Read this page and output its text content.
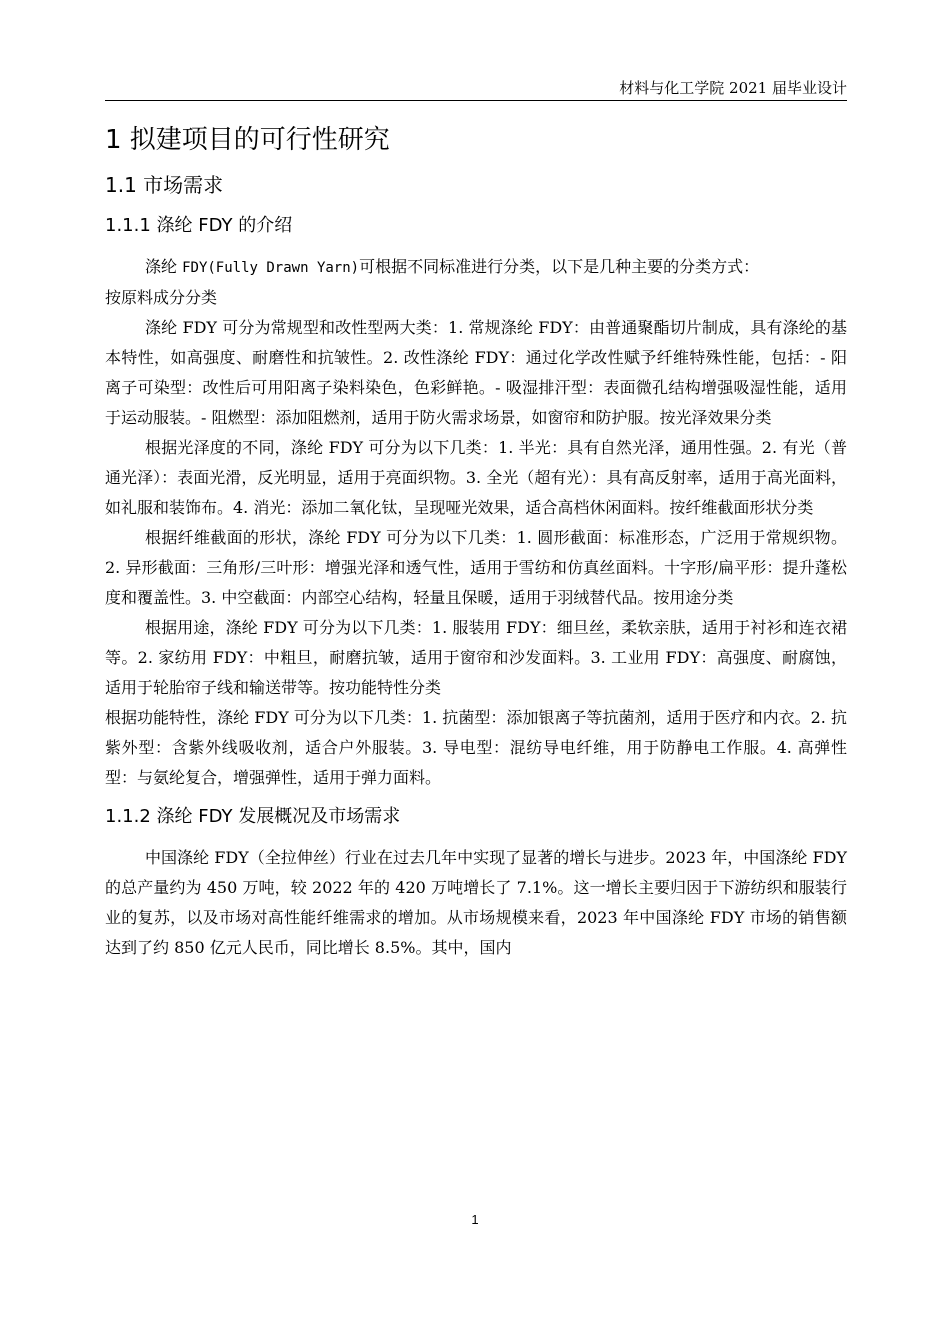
材料与化工学院 2021 届毕业设计
1 拟建项目的可行性研究
1.1 市场需求
1.1.1 涤纶 FDY 的介绍

涤纶 FDY(Fully Drawn Yarn)可根据不同标准进行分类，以下是几种主要的分类方式：

按原料成分分类

涤纶 FDY 可分为常规型和改性型两大类：1. 常规涤纶 FDY：由普通聚酯切片制成，具有涤纶的基本特性，如高强度、耐磨性和抗皱性。2. 改性涤纶 FDY：通过化学改性赋予纤维特殊性能，包括：- 阳离子可染型：改性后可用阳离子染料染色，色彩鲜艳。- 吸湿排汗型：表面微孔结构增强吸湿性能，适用于运动服装。- 阻燃型：添加阻燃剂，适用于防火需求场景，如窗帘和防护服。按光泽效果分类

根据光泽度的不同，涤纶 FDY 可分为以下几类：1. 半光：具有自然光泽，通用性强。2. 有光（普通光泽）：表面光滑，反光明显，适用于亮面织物。3. 全光（超有光）：具有高反射率，适用于高光面料，如礼服和装饰布。4. 消光：添加二氧化钛，呈现哑光效果，适合高档休闲面料。按纤维截面形状分类

根据纤维截面的形状，涤纶 FDY 可分为以下几类：1. 圆形截面：标准形态，广泛用于常规织物。2. 异形截面：三角形/三叶形：增强光泽和透气性，适用于雪纺和仿真丝面料。十字形/扁平形：提升蓬松度和覆盖性。3. 中空截面：内部空心结构，轻量且保暖，适用于羽绒替代品。按用途分类

根据用途，涤纶 FDY 可分为以下几类：1. 服装用 FDY：细旦丝，柔软亲肤，适用于衬衫和连衣裙等。2. 家纺用 FDY：中粗旦，耐磨抗皱，适用于窗帘和沙发面料。3. 工业用 FDY：高强度、耐腐蚀，适用于轮胎帘子线和输送带等。按功能特性分类

根据功能特性，涤纶 FDY 可分为以下几类：1. 抗菌型：添加银离子等抗菌剂，适用于医疗和内衣。2. 抗紫外型：含紫外线吸收剂，适合户外服装。3. 导电型：混纺导电纤维，用于防静电工作服。4. 高弹性型：与氨纶复合，增强弹性，适用于弹力面料。

1.1.2 涤纶 FDY 发展概况及市场需求

中国涤纶 FDY（全拉伸丝）行业在过去几年中实现了显著的增长与进步。2023 年，中国涤纶 FDY 的总产量约为 450 万吨，较 2022 年的 420 万吨增长了 7.1%。这一增长主要归因于下游纺织和服装行业的复苏，以及市场对高性能纤维需求的增加。从市场规模来看，2023 年中国涤纶 FDY 市场的销售额达到了约 850 亿元人民币，同比增长 8.5%。其中，国内

1
